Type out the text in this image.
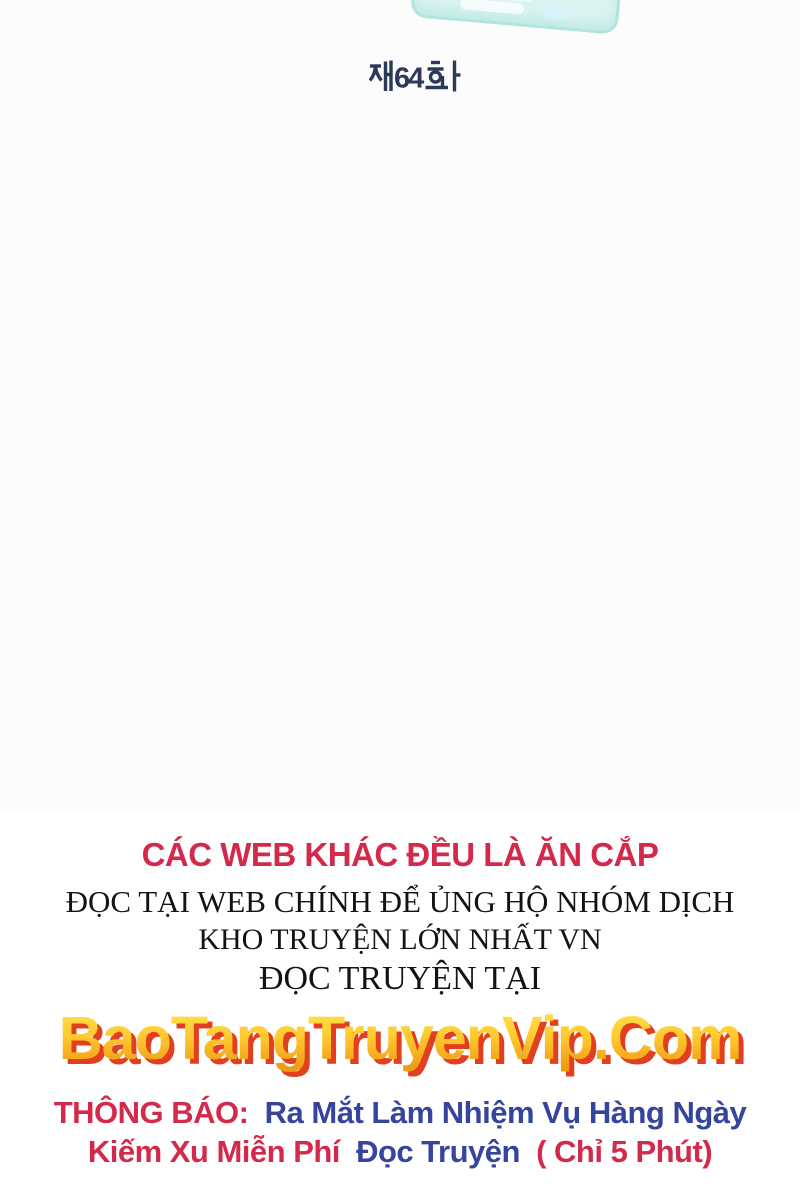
64
CÁC WEB KHÁC ĐỀU LÀ ĂN CẮP
ĐỌC TẠI WEB CHÍNH ĐỂ ỦNG HỘ NHÓM DỊCH
KHO TRUYỆN LỚN NHẤT VN
ĐỌC TRUYỆN TẠI
BaoTangTruyenVip.Com
THÔNG BÁO: Ra Mắt Làm Nhiệm Vụ Hàng Ngày
Kiếm Xu Miễn Phí Đọc Truyện ( Chỉ 5 Phút)
